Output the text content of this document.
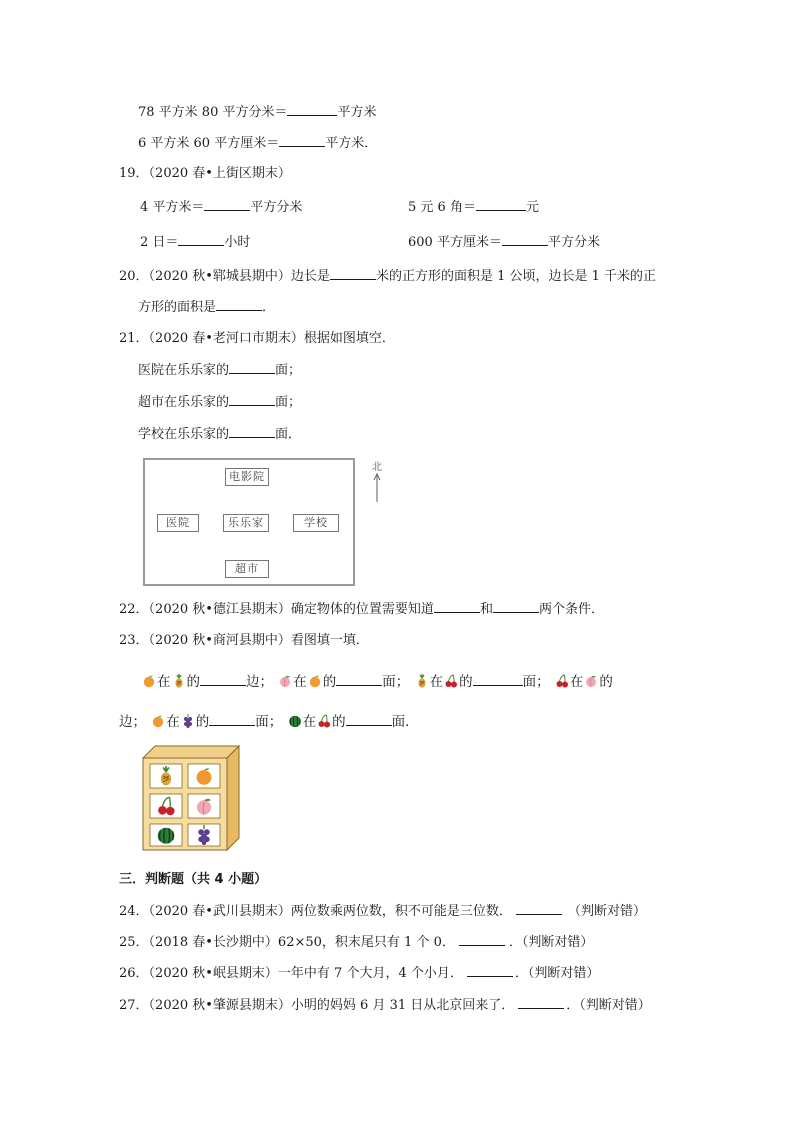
78 平方米 80 平方分米＝	平方米
6 平方米 60 平方厘米＝	平方米．
19．（2020 春•上街区期末）
4 平方米＝	平方分米	5 元 6 角＝	元
2 日＝	小时	600 平方厘米＝	平方分米
20．（2020 秋•郓城县期中）边长是	米的正方形的面积是 1 公顷，边长是 1 千米的正
方形的面积是	．
21．（2020 春•老河口市期末）根据如图填空．
医院在乐乐家的	面；
超市在乐乐家的	面；
学校在乐乐家的	面．
电影院
医院	乐乐家	学校
超市
北
22．（2020 秋•德江县期末）确定物体的位置需要知道	和	两个条件．
23．（2020 秋•商河县期中）看图填一填．
在 的	边； 在 的	面； 在 的	面； 在 的
边； 在 的	面； 在 的	面．
三．判断题（共 4 小题）
24．（2020 春•武川县期末）两位数乘两位数，积不可能是三位数．	（判断对错）
25．（2018 春•长沙期中）62×50，积末尾只有 1 个 0．	．（判断对错）
26．（2020 秋•岷县期末）一年中有 7 个大月，4 个小月．	．（判断对错）
27．（2020 秋•肇源县期末）小明的妈妈 6 月 31 日从北京回来了．	．（判断对错）
